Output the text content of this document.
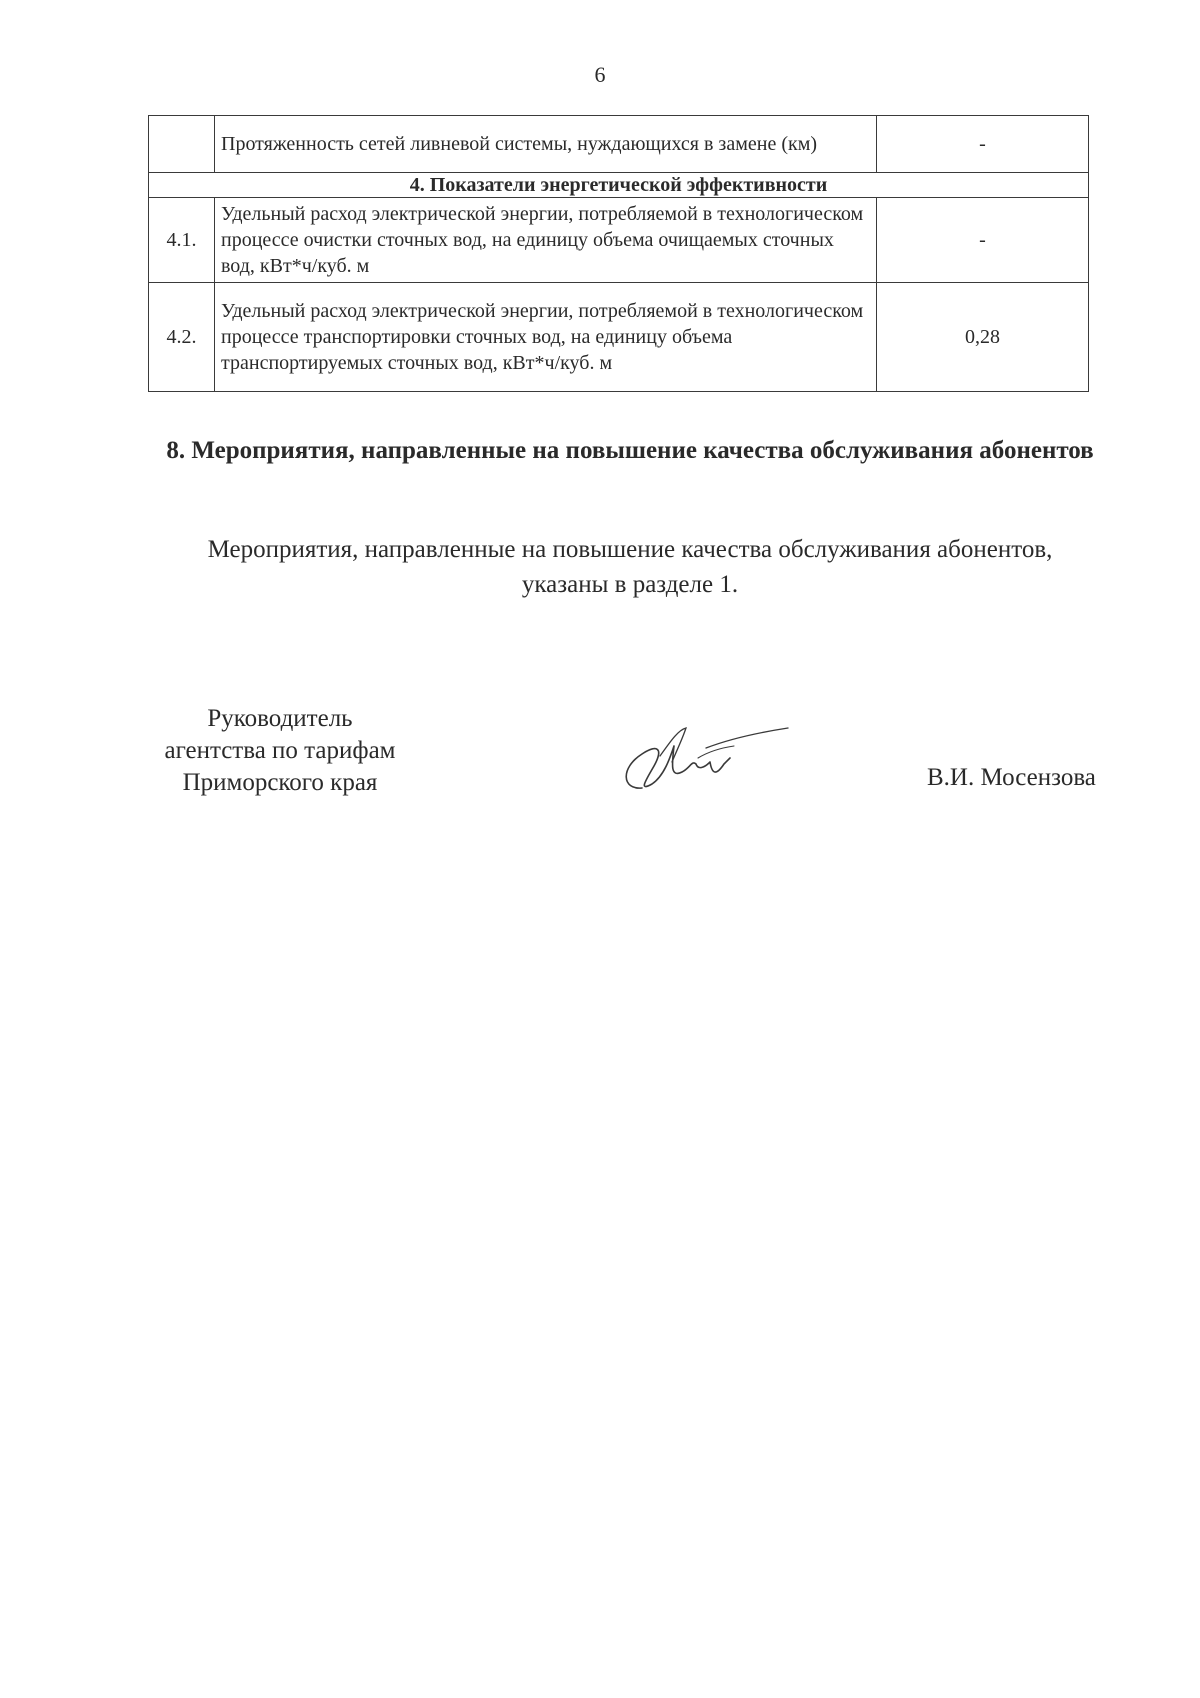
6
	Протяженность сетей ливневой системы, нуждающихся в замене (км)	-
4. Показатели энергетической эффективности		
4.1.	Удельный расход электрической энергии, потребляемой в технологическом процессе очистки сточных вод, на единицу объема очищаемых сточных вод, кВт*ч/куб. м	-
4.2.	Удельный расход электрической энергии, потребляемой в технологическом процессе транспортировки сточных вод, на единицу объема транспортируемых сточных вод, кВт*ч/куб. м	0,28
8. Мероприятия, направленные на повышение качества обслуживания абонентов

Мероприятия, направленные на повышение качества обслуживания абонентов, указаны в разделе 1.

Руководитель
агентства по тарифам
Приморского края	В.И. Мосензова
